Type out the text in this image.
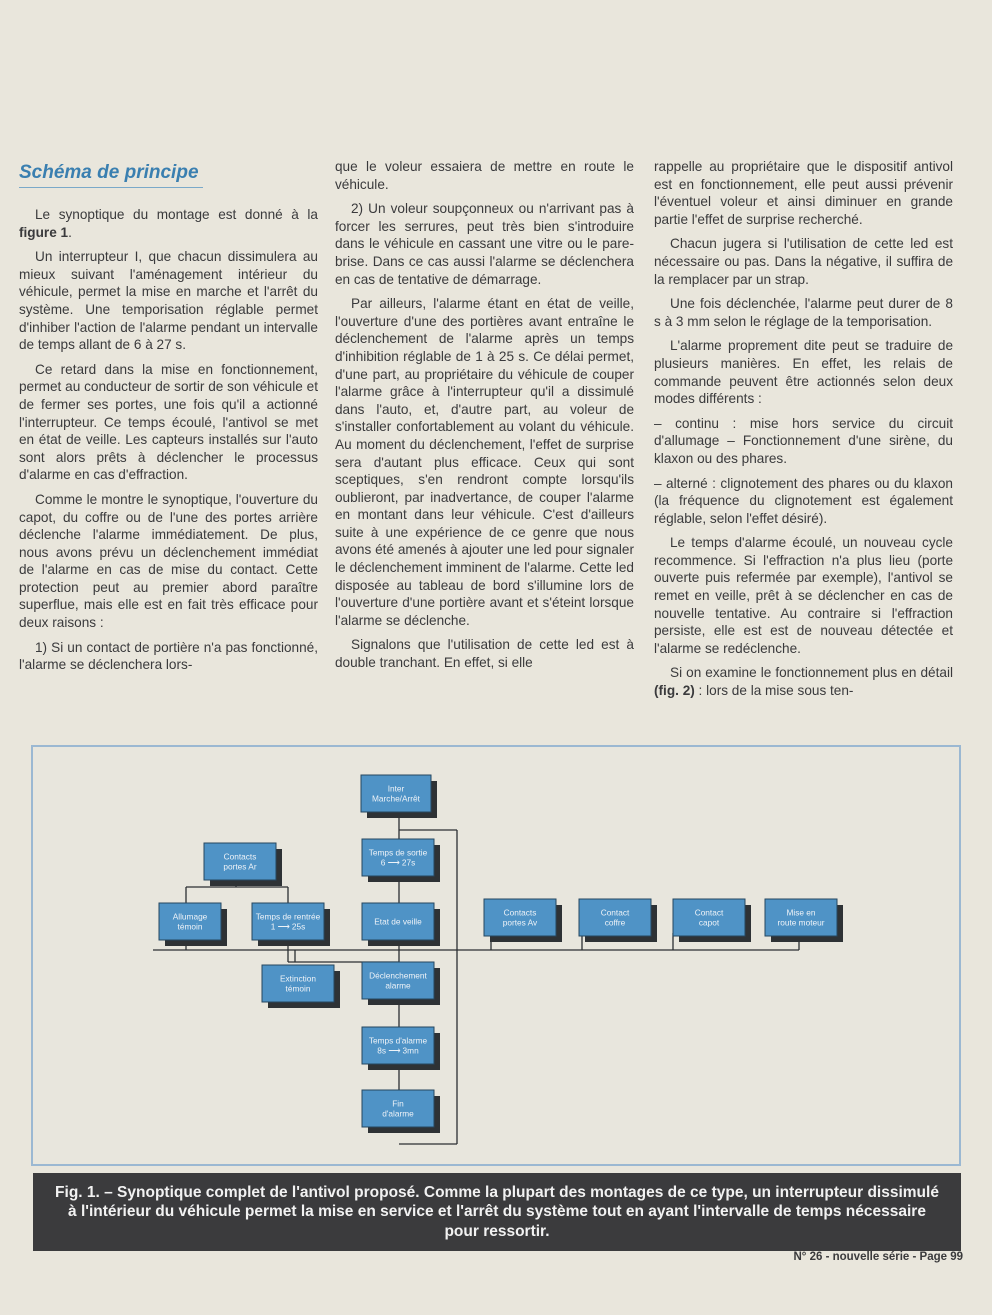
Schéma de principe

Le synoptique du montage est donné à la figure 1.

Un interrupteur I, que chacun dissimulera au mieux suivant l'aménagement intérieur du véhicule, permet la mise en marche et l'arrêt du système. Une temporisation réglable permet d'inhiber l'action de l'alarme pendant un intervalle de temps allant de 6 à 27 s.

Ce retard dans la mise en fonctionnement, permet au conducteur de sortir de son véhicule et de fermer ses portes, une fois qu'il a actionné l'interrupteur. Ce temps écoulé, l'antivol se met en état de veille. Les capteurs installés sur l'auto sont alors prêts à déclencher le processus d'alarme en cas d'effraction.

Comme le montre le synoptique, l'ouverture du capot, du coffre ou de l'une des portes arrière déclenche l'alarme immédiatement. De plus, nous avons prévu un déclenchement immédiat de l'alarme en cas de mise du contact. Cette protection peut au premier abord paraître superflue, mais elle est en fait très efficace pour deux raisons :

1) Si un contact de portière n'a pas fonctionné, l'alarme se déclenchera lors-

que le voleur essaiera de mettre en route le véhicule.

2) Un voleur soupçonneux ou n'arrivant pas à forcer les serrures, peut très bien s'introduire dans le véhicule en cassant une vitre ou le pare-brise. Dans ce cas aussi l'alarme se déclenchera en cas de tentative de démarrage.

Par ailleurs, l'alarme étant en état de veille, l'ouverture d'une des portières avant entraîne le déclenchement de l'alarme après un temps d'inhibition réglable de 1 à 25 s. Ce délai permet, d'une part, au propriétaire du véhicule de couper l'alarme grâce à l'interrupteur qu'il a dissimulé dans l'auto, et, d'autre part, au voleur de s'installer confortablement au volant du véhicule. Au moment du déclenchement, l'effet de surprise sera d'autant plus efficace. Ceux qui sont sceptiques, s'en rendront compte lorsqu'ils oublieront, par inadvertance, de couper l'alarme en montant dans leur véhicule. C'est d'ailleurs suite à une expérience de ce genre que nous avons été amenés à ajouter une led pour signaler le déclenchement imminent de l'alarme. Cette led disposée au tableau de bord s'illumine lors de l'ouverture d'une portière avant et s'éteint lorsque l'alarme se déclenche.

Signalons que l'utilisation de cette led est à double tranchant. En effet, si elle

rappelle au propriétaire que le dispositif antivol est en fonctionnement, elle peut aussi prévenir l'éventuel voleur et ainsi diminuer en grande partie l'effet de surprise recherché.

Chacun jugera si l'utilisation de cette led est nécessaire ou pas. Dans la négative, il suffira de la remplacer par un strap.

Une fois déclenchée, l'alarme peut durer de 8 s à 3 mm selon le réglage de la temporisation.

L'alarme proprement dite peut se traduire de plusieurs manières. En effet, les relais de commande peuvent être actionnés selon deux modes différents :

– continu : mise hors service du circuit d'allumage – Fonctionnement d'une sirène, du klaxon ou des phares.

– alterné : clignotement des phares ou du klaxon (la fréquence du clignotement est également réglable, selon l'effet désiré).

Le temps d'alarme écoulé, un nouveau cycle recommence. Si l'effraction n'a plus lieu (porte ouverte puis refermée par exemple), l'antivol se remet en veille, prêt à se déclencher en cas de nouvelle tentative. Au contraire si l'effraction persiste, elle est est de nouveau détectée et l'alarme se redéclenche.

Si on examine le fonctionnement plus en détail (fig. 2) : lors de la mise sous ten-

Inter
Marche/Arrêt
Temps de sortie
6 ⟶ 27s
Etat de veille
Déclenchement
alarme
Temps d'alarme
8s ⟶ 3mn
Fin
d'alarme
Contacts
portes Ar
Allumage
témoin
Temps de rentrée
1 ⟶ 25s
Extinction
témoin
Contacts
portes Av
Contact
coffre
Contact
capot
Mise en
route moteur
Fig. 1. – Synoptique complet de l'antivol proposé. Comme la plupart des montages de ce type, un interrupteur dissimulé à l'intérieur du véhicule permet la mise en service et l'arrêt du système tout en ayant l'intervalle de temps nécessaire pour ressortir.
N° 26 - nouvelle série - Page 99
